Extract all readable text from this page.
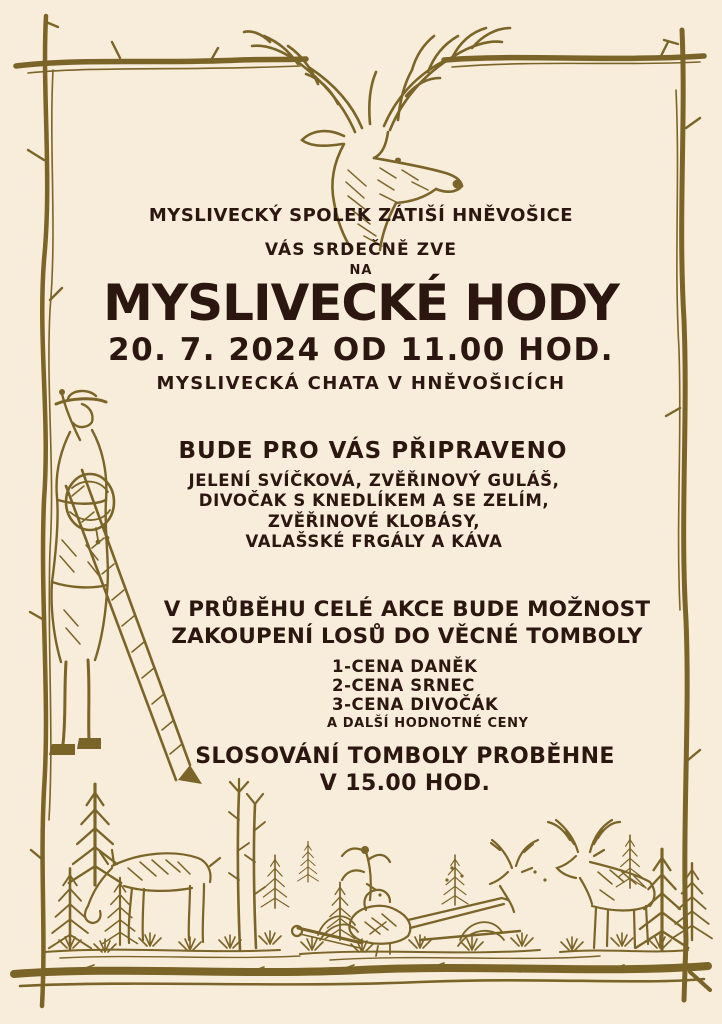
MYSLIVECKÝ SPOLEK ZÁTIŠÍ HNĚVOŠICE
VÁS SRDEČNĚ ZVE
NA
MYSLIVECKÉ HODY
20. 7. 2024 OD 11.00 HOD.
MYSLIVECKÁ CHATA V HNĚVOŠICÍCH
BUDE PRO VÁS PŘIPRAVENO
JELENÍ SVÍČKOVÁ, ZVĚŘINOVÝ GULÁŠ,
DIVOČAK S KNEDLÍKEM A SE ZELÍM,
ZVĚŘINOVÉ KLOBÁSY,
VALAŠSKÉ FRGÁLY A KÁVA
V PRŮBĚHU CELÉ AKCE BUDE MOŽNOST
ZAKOUPENÍ LOSŮ DO VĚCNÉ TOMBOLY
1-CENA DANĚK
2-CENA SRNEC
3-CENA DIVOČÁK
A DALŠÍ HODNOTNÉ CENY
SLOSOVÁNÍ TOMBOLY PROBĚHNE
V 15.00 HOD.
